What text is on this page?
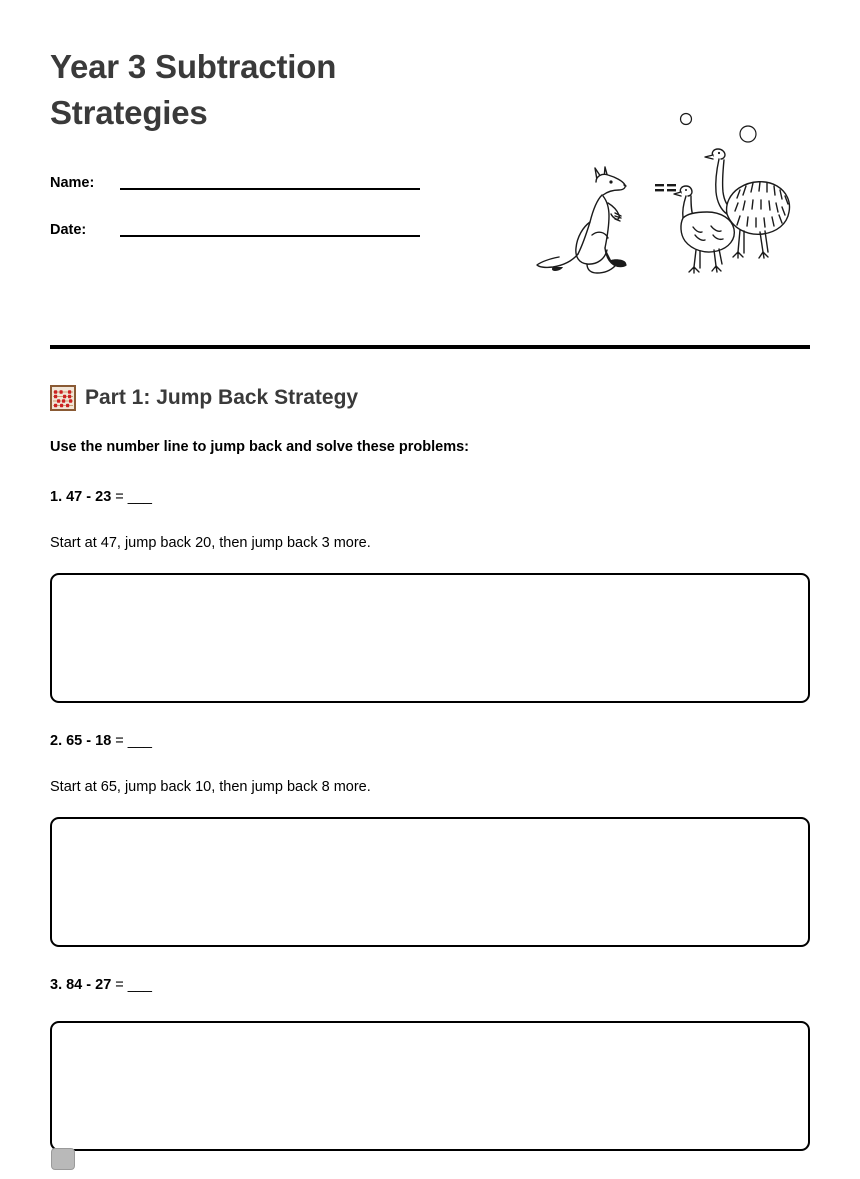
Year 3 Subtraction Strategies
Name:
Date:
Part 1: Jump Back Strategy

Use the number line to jump back and solve these problems:

1. 47 - 23 = ___
Start at 47, jump back 20, then jump back 3 more.
2. 65 - 18 = ___
Start at 65, jump back 10, then jump back 8 more.
3. 84 - 27 = ___
